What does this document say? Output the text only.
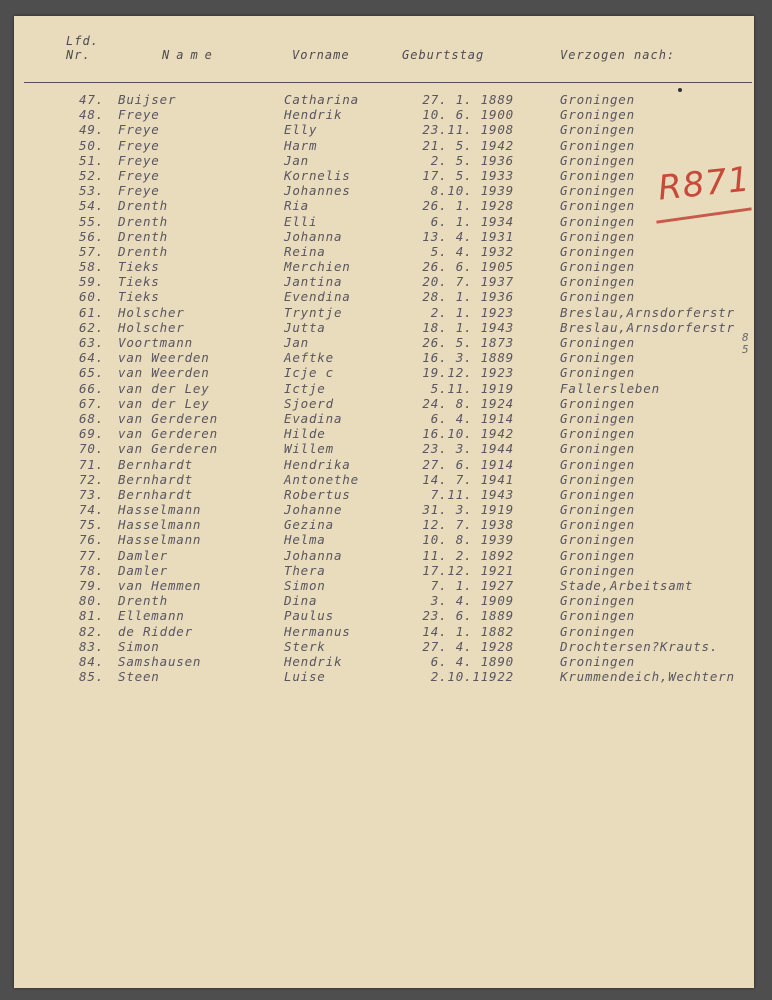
Lfd.
Nr.	Name	Vorname	Geburtstag	Verzogen nach:
47. Buijser	Catharina	27. 1. 1889	Groningen
48. Freye	Hendrik	10. 6. 1900	Groningen
49. Freye	Elly	23.11. 1908	Groningen
50. Freye	Harm	21. 5. 1942	Groningen
51. Freye	Jan	2. 5. 1936	Groningen
52. Freye	Kornelis	17. 5. 1933	Groningen
53. Freye	Johannes	8.10. 1939	Groningen
54. Drenth	Ria	26. 1. 1928	Groningen
55. Drenth	Elli	6. 1. 1934	Groningen
56. Drenth	Johanna	13. 4. 1931	Groningen
57. Drenth	Reina	5. 4. 1932	Groningen
58. Tieks	Merchien	26. 6. 1905	Groningen
59. Tieks	Jantina	20. 7. 1937	Groningen
60. Tieks	Evendina	28. 1. 1936	Groningen
61. Holscher	Tryntje	2. 1. 1923	Breslau,Arnsdorferstr
62. Holscher	Jutta	18. 1. 1943	Breslau,Arnsdorferstr
63. Voortmann	Jan	26. 5. 1873	Groningen
64. van Weerden	Aeftke	16. 3. 1889	Groningen
65. van Weerden	Icje c	19.12. 1923	Groningen
66. van der Ley	Ictje	5.11. 1919	Fallersleben
67. van der Ley	Sjoerd	24. 8. 1924	Groningen
68. van Gerderen	Evadina	6. 4. 1914	Groningen
69. van Gerderen	Hilde	16.10. 1942	Groningen
70. van Gerderen	Willem	23. 3. 1944	Groningen
71. Bernhardt	Hendrika	27. 6. 1914	Groningen
72. Bernhardt	Antonethe	14. 7. 1941	Groningen
73. Bernhardt	Robertus	7.11. 1943	Groningen
74. Hasselmann	Johanne	31. 3. 1919	Groningen
75. Hasselmann	Gezina	12. 7. 1938	Groningen
76. Hasselmann	Helma	10. 8. 1939	Groningen
77. Damler	Johanna	11. 2. 1892	Groningen
78. Damler	Thera	17.12. 1921	Groningen
79. van Hemmen	Simon	7. 1. 1927	Stade,Arbeitsamt
80. Drenth	Dina	3. 4. 1909	Groningen
81. Ellemann	Paulus	23. 6. 1889	Groningen
82. de Ridder	Hermanus	14. 1. 1882	Groningen
83. Simon	Sterk	27. 4. 1928	Drochtersen?Krauts.
84. Samshausen	Hendrik	6. 4. 1890	Groningen
85. Steen	Luise	2.10.11922	Krummendeich,Wechtern
R871
8
5
